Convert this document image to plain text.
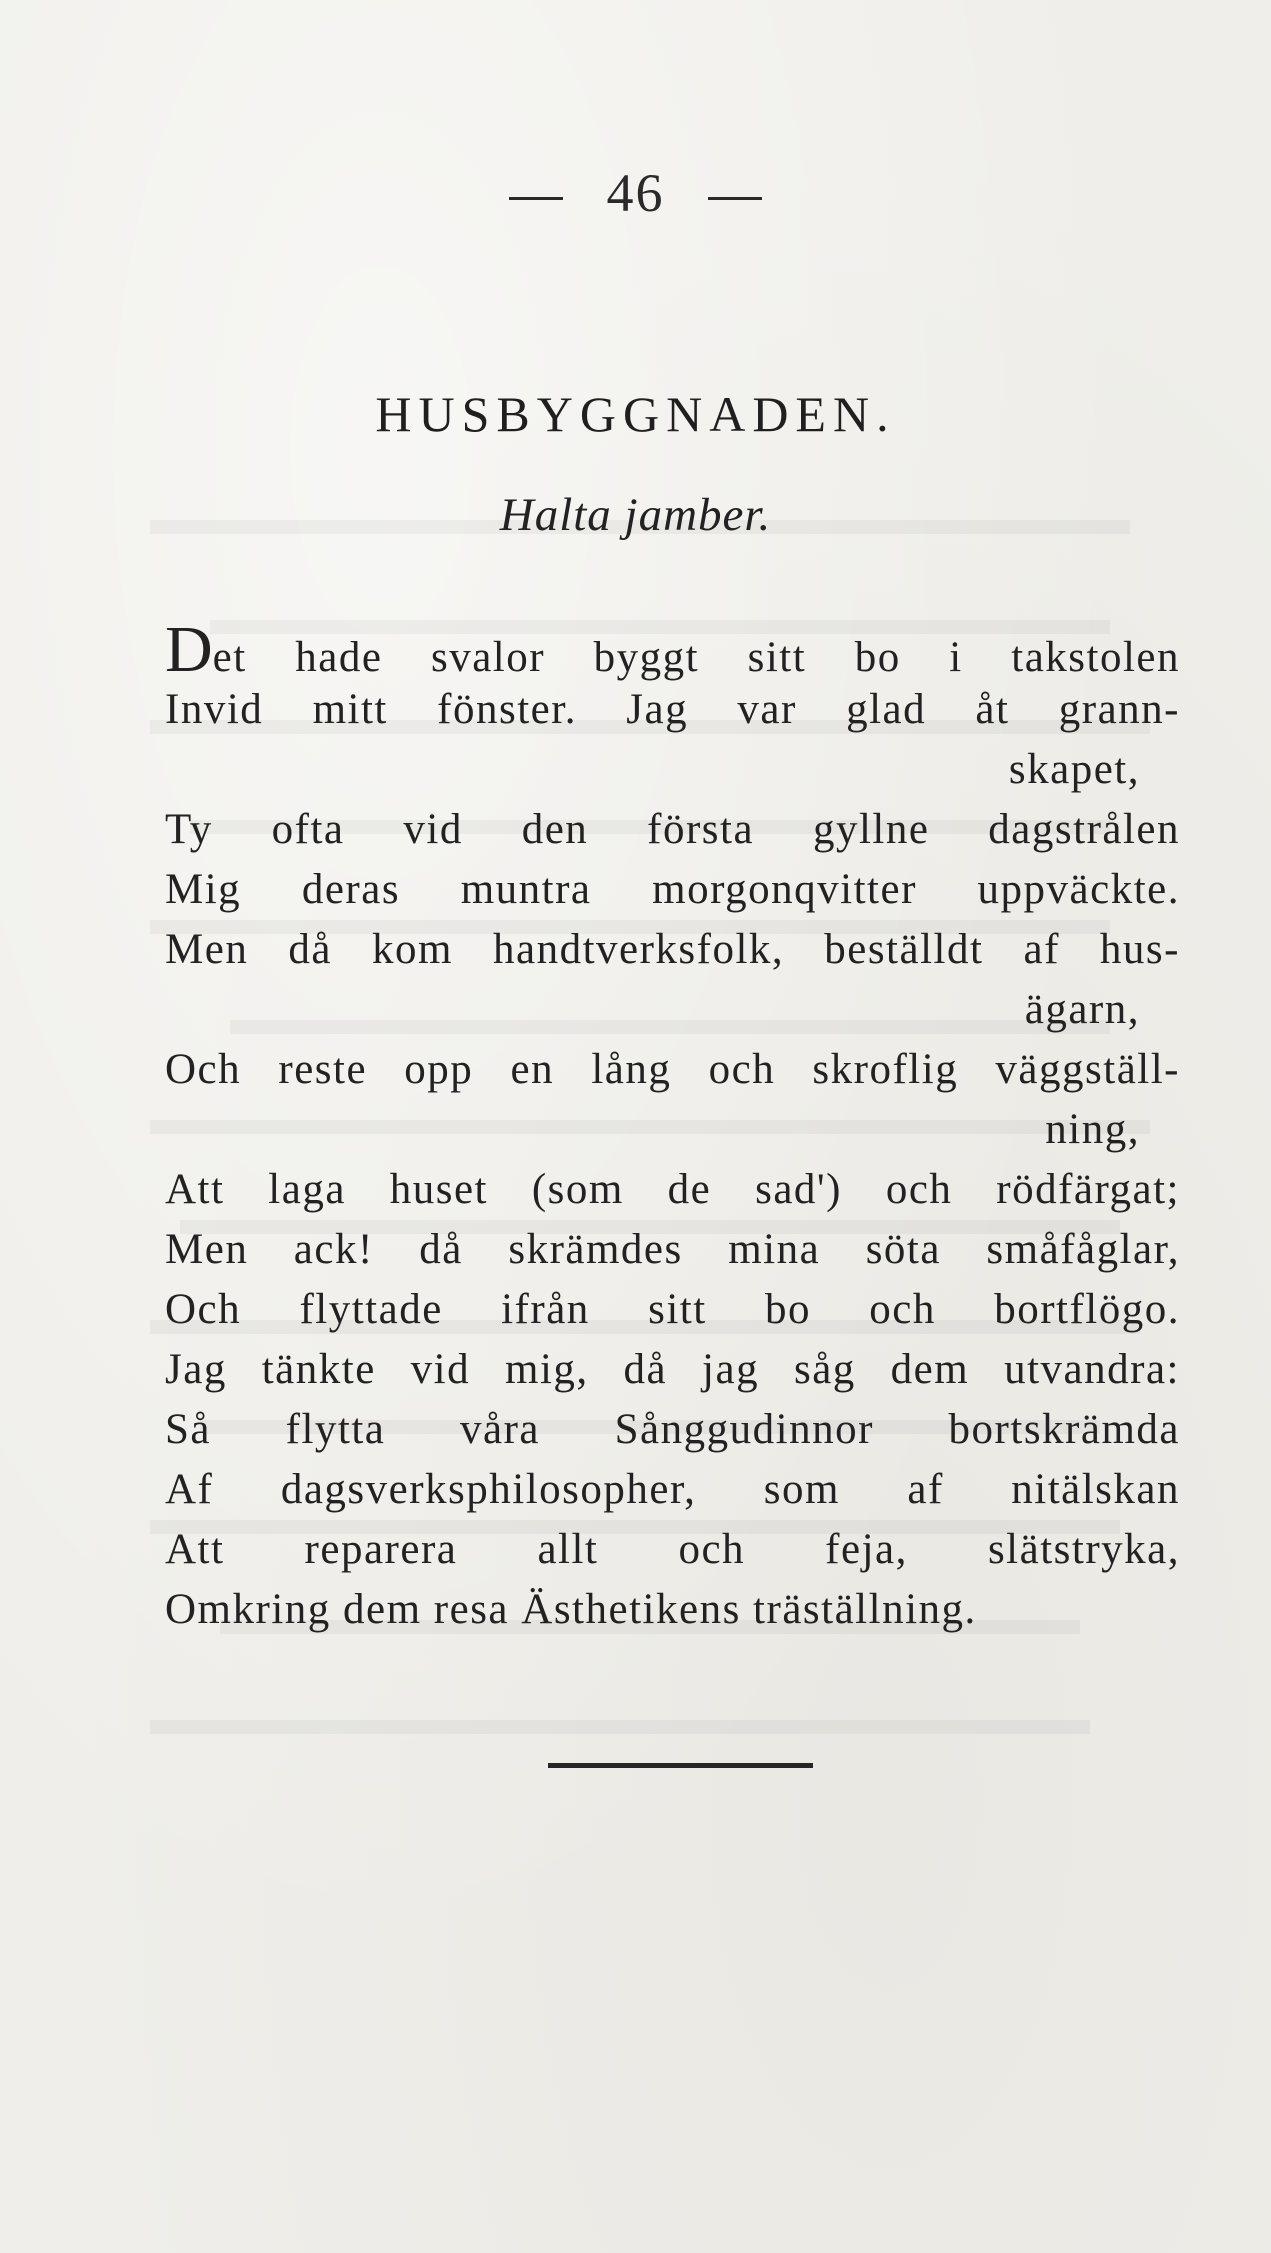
46
HUSBYGGNADEN.
Halta jamber.
Det hade svalor byggt sitt bo i takstolen
Invid mitt fönster. Jag var glad åt grann-
skapet,
Ty ofta vid den första gyllne dagstrålen
Mig deras muntra morgonqvitter uppväckte.
Men då kom handtverksfolk, beställdt af hus-
ägarn,
Och reste opp en lång och skroflig väggställ-
ning,
Att laga huset (som de sad') och rödfärgat;
Men ack! då skrämdes mina söta småfåglar,
Och flyttade ifrån sitt bo och bortflögo.
Jag tänkte vid mig, då jag såg dem utvandra:
Så flytta våra Sånggudinnor bortskrämda
Af dagsverksphilosopher, som af nitälskan
Att reparera allt och feja, slätstryka,
Omkring dem resa Ästhetikens träställning.
